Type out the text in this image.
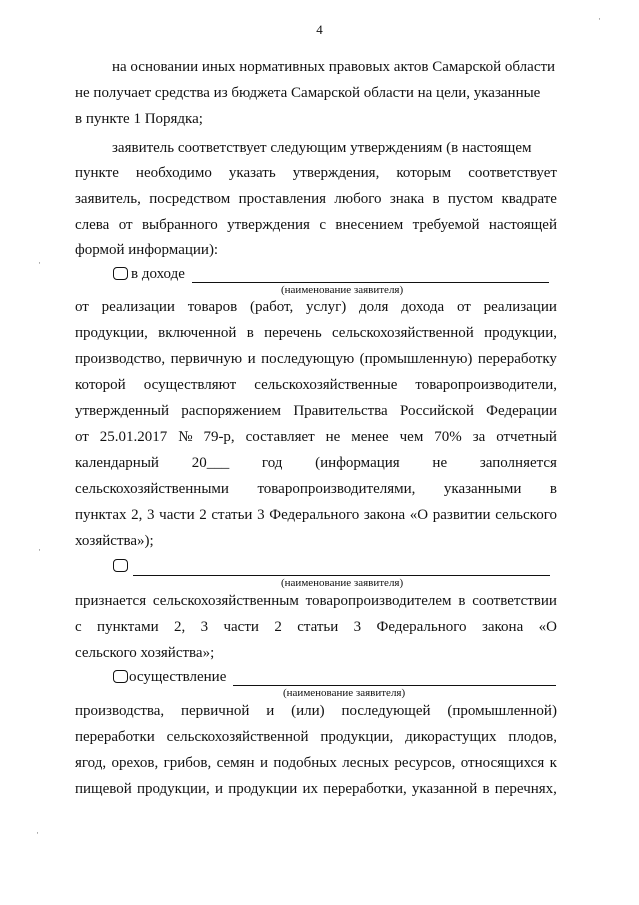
4
на основании иных нормативных правовых актов Самарской области
не получает средства из бюджета Самарской области на цели, указанные
в пункте 1 Порядка;
заявитель соответствует следующим утверждениям (в настоящем
пункте необходимо указать утверждения, которым соответствует
заявитель, посредством проставления любого знака в пустом квадрате
слева от выбранного утверждения с внесением требуемой настоящей
формой информации):
в доходе
(наименование заявителя)
от реализации товаров (работ, услуг) доля дохода от реализации
продукции, включенной в перечень сельскохозяйственной продукции,
производство, первичную и последующую (промышленную) переработку
которой осуществляют сельскохозяйственные товаропроизводители,
утвержденный распоряжением Правительства Российской Федерации
от 25.01.2017 № 79-р, составляет не менее чем 70% за отчетный
календарный 20___ год (информация не заполняется
сельскохозяйственными товаропроизводителями, указанными в
пунктах 2, 3 части 2 статьи 3 Федерального закона «О развитии сельского
хозяйства»);
(наименование заявителя)
признается сельскохозяйственным товаропроизводителем в соответствии
с пунктами 2, 3 части 2 статьи 3 Федерального закона «О
сельского хозяйства»;
осуществление
(наименование заявителя)
производства, первичной и (или) последующей (промышленной)
переработки сельскохозяйственной продукции, дикорастущих плодов,
ягод, орехов, грибов, семян и подобных лесных ресурсов, относящихся к
пищевой продукции, и продукции их переработки, указанной в перечнях,
·
·
·
·
